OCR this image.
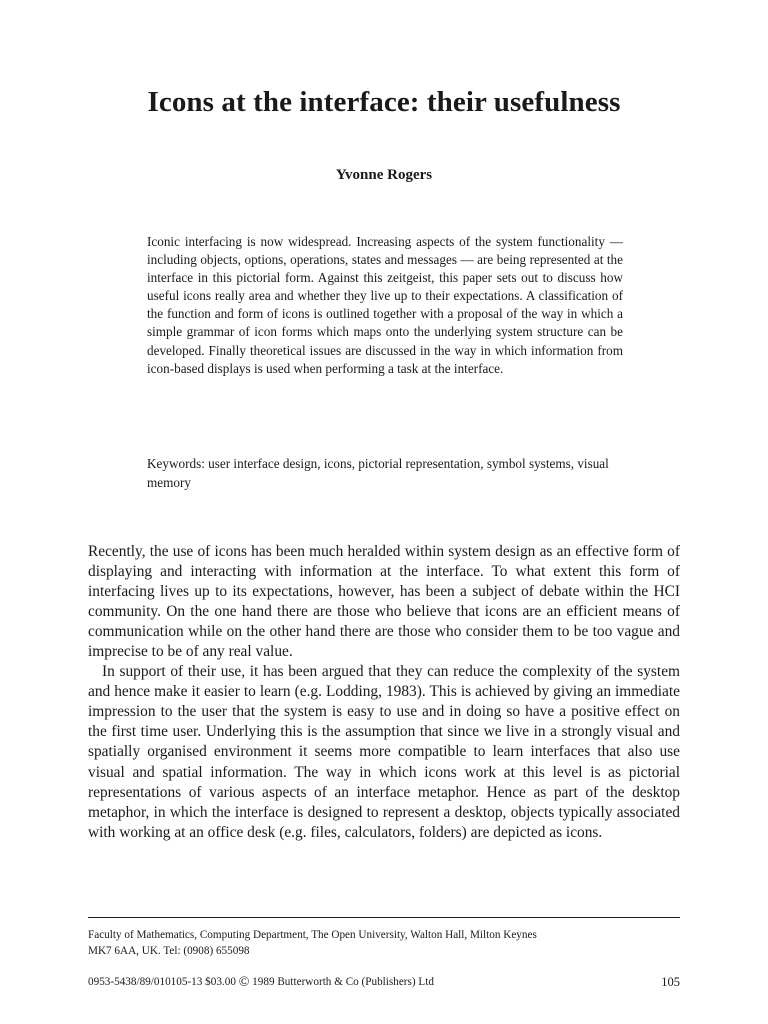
Icons at the interface: their usefulness
Yvonne Rogers

Iconic interfacing is now widespread. Increasing aspects of the system functionality — including objects, options, operations, states and messages — are being represented at the interface in this pictorial form. Against this zeitgeist, this paper sets out to discuss how useful icons really area and whether they live up to their expectations. A classification of the function and form of icons is outlined together with a proposal of the way in which a simple grammar of icon forms which maps onto the underlying system structure can be developed. Finally theoretical issues are discussed in the way in which information from icon-based displays is used when performing a task at the interface.

Keywords: user interface design, icons, pictorial representation, symbol systems, visual memory

Recently, the use of icons has been much heralded within system design as an effective form of displaying and interacting with information at the interface. To what extent this form of interfacing lives up to its expectations, however, has been a subject of debate within the HCI community. On the one hand there are those who believe that icons are an efficient means of communication while on the other hand there are those who consider them to be too vague and imprecise to be of any real value.

In support of their use, it has been argued that they can reduce the complexity of the system and hence make it easier to learn (e.g. Lodding, 1983). This is achieved by giving an immediate impression to the user that the system is easy to use and in doing so have a positive effect on the first time user. Underlying this is the assumption that since we live in a strongly visual and spatially organised environment it seems more compatible to learn interfaces that also use visual and spatial information. The way in which icons work at this level is as pictorial representations of various aspects of an interface metaphor. Hence as part of the desktop metaphor, in which the interface is designed to represent a desktop, objects typically associated with working at an office desk (e.g. files, calculators, folders) are depicted as icons.

Faculty of Mathematics, Computing Department, The Open University, Walton Hall, Milton Keynes
MK7 6AA, UK. Tel: (0908) 655098

0953-5438/89/010105-13 $03.00 © 1989 Butterworth & Co (Publishers) Ltd	105
